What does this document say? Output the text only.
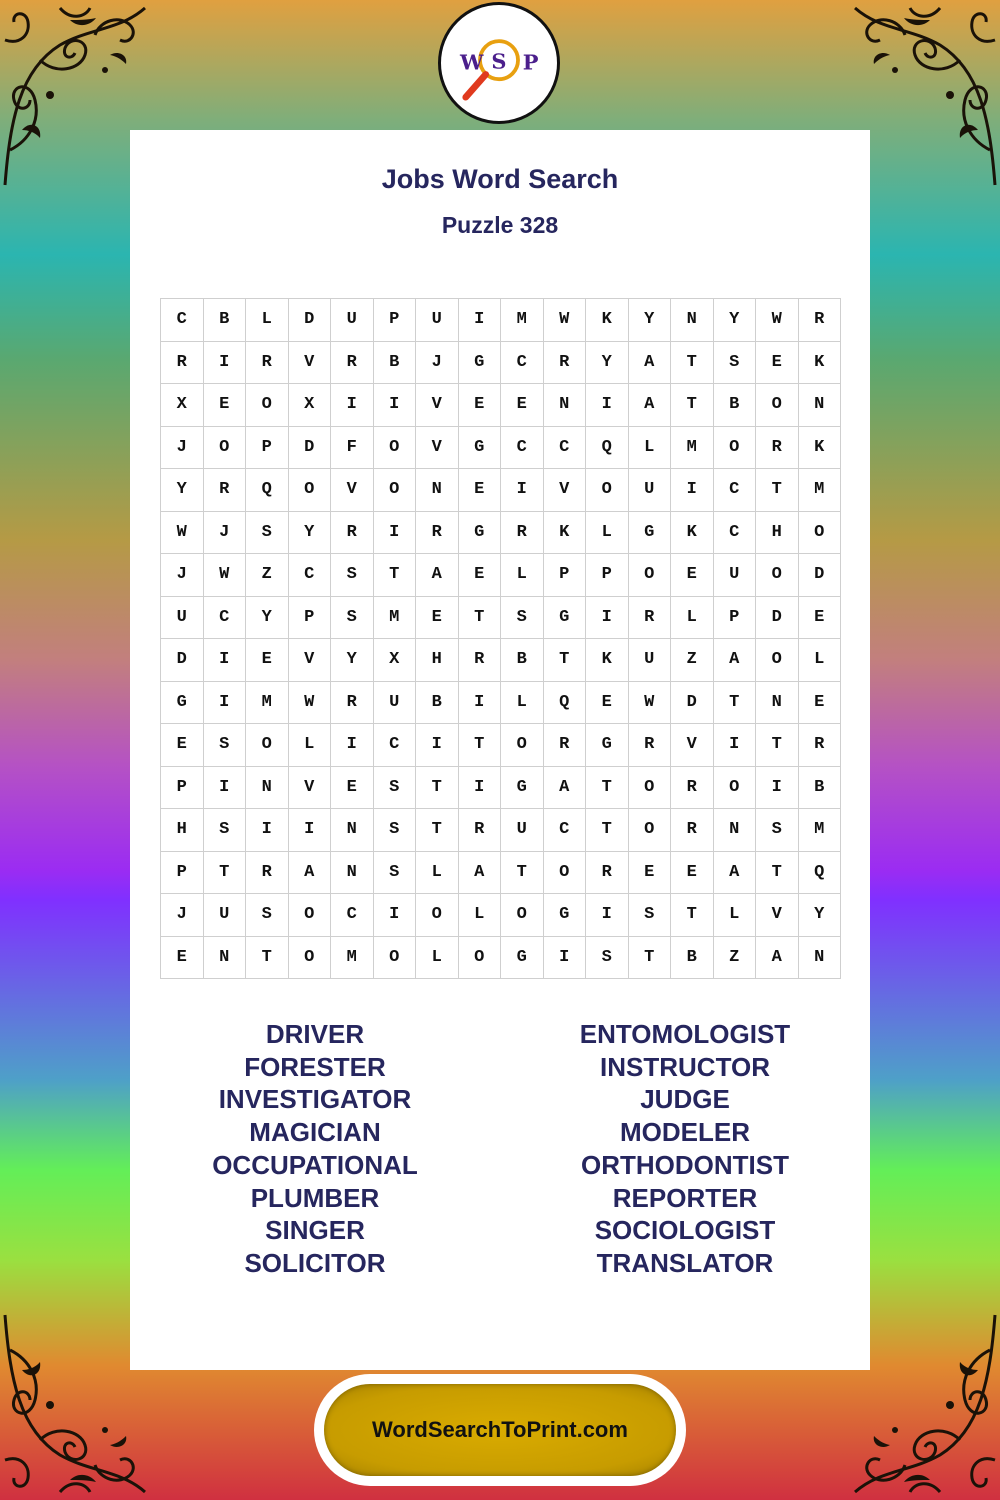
W S P
Jobs Word Search
Puzzle 328
C	B	L	D	U	P	U	I	M	W	K	Y	N	Y	W	R
R	I	R	V	R	B	J	G	C	R	Y	A	T	S	E	K
X	E	O	X	I	I	V	E	E	N	I	A	T	B	O	N
J	O	P	D	F	O	V	G	C	C	Q	L	M	O	R	K
Y	R	Q	O	V	O	N	E	I	V	O	U	I	C	T	M
W	J	S	Y	R	I	R	G	R	K	L	G	K	C	H	O
J	W	Z	C	S	T	A	E	L	P	P	O	E	U	O	D
U	C	Y	P	S	M	E	T	S	G	I	R	L	P	D	E
D	I	E	V	Y	X	H	R	B	T	K	U	Z	A	O	L
G	I	M	W	R	U	B	I	L	Q	E	W	D	T	N	E
E	S	O	L	I	C	I	T	O	R	G	R	V	I	T	R
P	I	N	V	E	S	T	I	G	A	T	O	R	O	I	B
H	S	I	I	N	S	T	R	U	C	T	O	R	N	S	M
P	T	R	A	N	S	L	A	T	O	R	E	E	A	T	Q
J	U	S	O	C	I	O	L	O	G	I	S	T	L	V	Y
E	N	T	O	M	O	L	O	G	I	S	T	B	Z	A	N
DRIVER
FORESTER
INVESTIGATOR
MAGICIAN
OCCUPATIONAL
PLUMBER
SINGER
SOLICITOR
ENTOMOLOGIST
INSTRUCTOR
JUDGE
MODELER
ORTHODONTIST
REPORTER
SOCIOLOGIST
TRANSLATOR
WordSearchToPrint.com
